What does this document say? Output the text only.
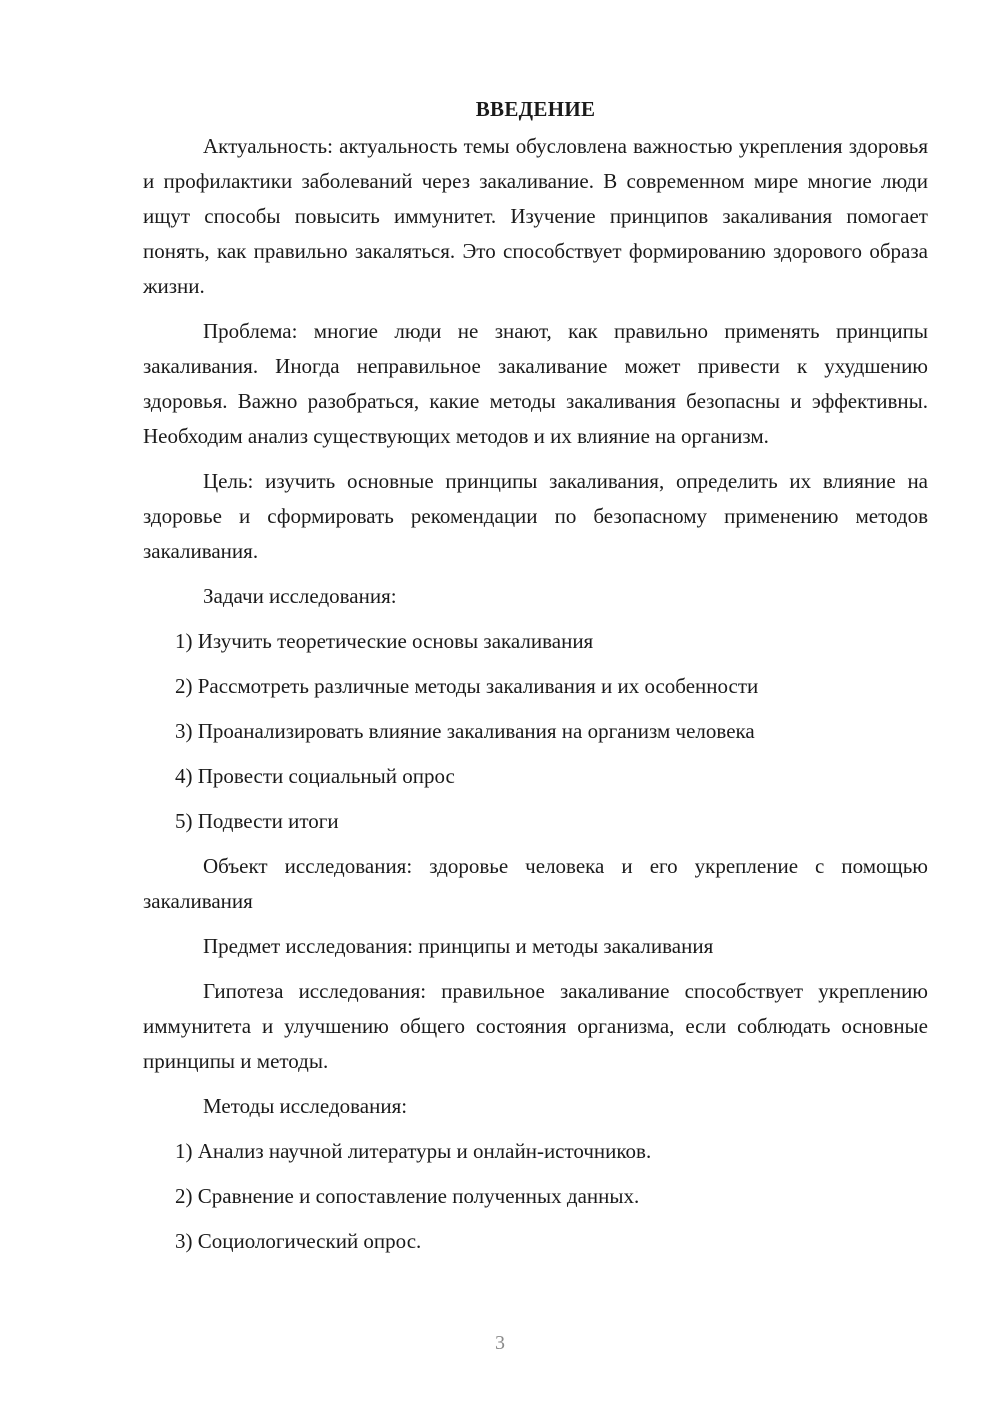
ВВЕДЕНИЕ

Актуальность: актуальность темы обусловлена важностью укрепления здоровья и профилактики заболеваний через закаливание. В современном мире многие люди ищут способы повысить иммунитет. Изучение принципов закаливания помогает понять, как правильно закаляться. Это способствует формированию здорового образа жизни.

Проблема: многие люди не знают, как правильно применять принципы закаливания. Иногда неправильное закаливание может привести к ухудшению здоровья. Важно разобраться, какие методы закаливания безопасны и эффективны. Необходим анализ существующих методов и их влияние на организм.

Цель: изучить основные принципы закаливания, определить их влияние на здоровье и сформировать рекомендации по безопасному применению методов закаливания.

Задачи исследования:

1) Изучить теоретические основы закаливания
2) Рассмотреть различные методы закаливания и их особенности
3) Проанализировать влияние закаливания на организм человека
4) Провести социальный опрос
5) Подвести итоги

Объект исследования: здоровье человека и его укрепление с помощью закаливания

Предмет исследования: принципы и методы закаливания

Гипотеза исследования: правильное закаливание способствует укреплению иммунитета и улучшению общего состояния организма, если соблюдать основные принципы и методы.

Методы исследования:

1) Анализ научной литературы и онлайн-источников.
2) Сравнение и сопоставление полученных данных.
3) Социологический опрос.
3
